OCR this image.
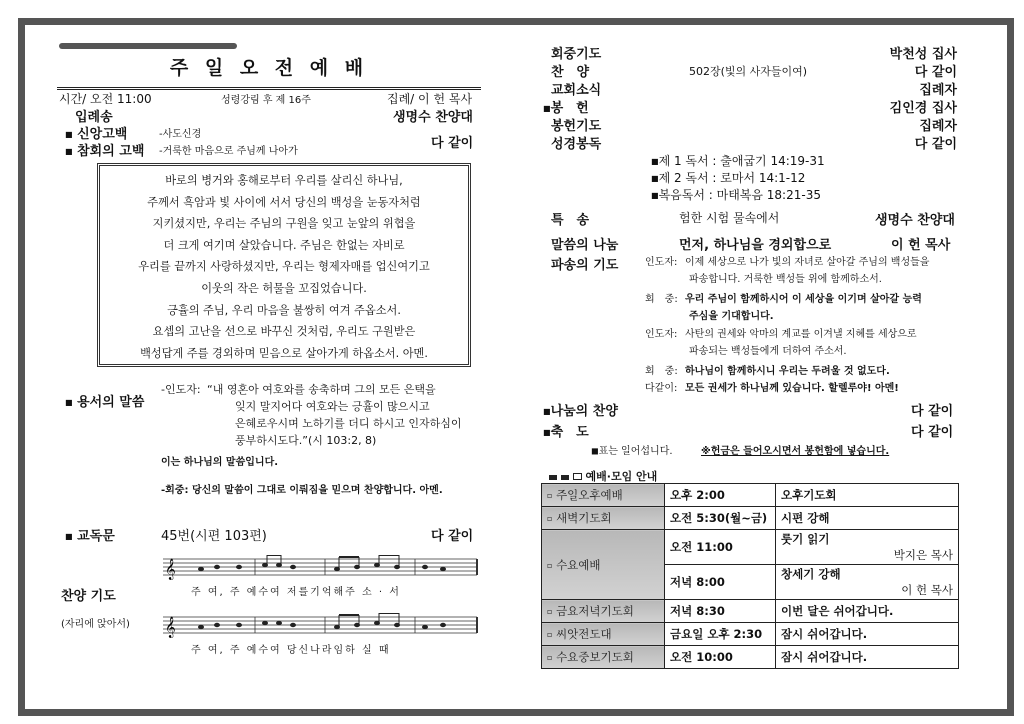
주 일 오 전 예 배
시간/ 오전 11:00	성령강림 후 제 16주	집례/ 이 헌 목사
입례송	생명수 찬양대
■ 신앙고백	-사도신경
■ 참회의 고백 -거룩한 마음으로 주님께 나아가
다 같이
바로의 병거와 홍해로부터 우리를 살리신 하나님,
주께서 흑암과 빛 사이에 서서 당신의 백성을 눈동자처럼
지키셨지만, 우리는 주님의 구원을 잊고 눈앞의 위협을
더 크게 여기며 살았습니다. 주님은 한없는 자비로
우리를 끝까지 사랑하셨지만, 우리는 형제자매를 업신여기고
이웃의 작은 허물을 꼬집었습니다.
긍휼의 주님, 우리 마음을 불쌍히 여겨 주옵소서.
요셉의 고난을 선으로 바꾸신 것처럼, 우리도 구원받은
백성답게 주를 경외하며 믿음으로 살아가게 하옵소서. 아멘.
■ 용서의 말씀
-인도자: “내 영혼아 여호와를 송축하며 그의 모든 은택을
잊지 말지어다 여호와는 긍휼이 많으시고
은혜로우시며 노하기를 더디 하시고 인자하심이
풍부하시도다.”(시 103:2, 8)
이는 하나님의 말씀입니다.
-회중: 당신의 말씀이 그대로 이뤄짐을 믿으며 찬양합니다. 아멘.
■ 교독문	45번(시편 103편)	다 같이
찬양 기도
(자리에 앉아서)
𝄞
주 여, 주 예수여 저를기억해주 소 · 서
𝄞
주 여, 주 예수여 당신나라임하 실 때
회중기도	박천성 집사
찬　양	502장(빛의 사자들이여)	다 같이
교회소식	집례자
■봉　헌	김인경 집사
봉헌기도	집례자
성경봉독	다 같이
■제 1 독서 : 출애굽기 14:19-31
■제 2 독서 : 로마서 14:1-12
■복음독서 : 마태복음 18:21-35
특　송	험한 시험 물속에서	생명수 찬양대
말씀의 나눔	먼저, 하나님을 경외합으로	이 헌 목사
파송의 기도	인도자: 이제 세상으로 나가 빛의 자녀로 살아갈 주님의 백성들을
파송합니다. 거룩한 백성들 위에 함께하소서.
회　중: 우리 주님이 함께하시어 이 세상을 이기며 살아갈 능력
주심을 기대합니다.
인도자: 사탄의 권세와 악마의 계교를 이겨낼 지혜를 세상으로
파송되는 백성들에게 더하여 주소서.
회　중: 하나님이 함께하시니 우리는 두려울 것 없도다.
다같이: 모든 권세가 하나님께 있습니다. 할렐루야! 아멘!
■나눔의 찬양	다 같이
■축　도	다 같이
■표는 일어섭니다.	※헌금은 들어오시면서 봉헌함에 넣습니다.
예배·모임 안내
▫ 주일오후예배	오후 2:00	오후기도회
▫ 새벽기도회	오전 5:30(월~금)	시편 강해
▫ 수요예배	오전 11:00	룻기 읽기
박지은 목사

	저녁 8:00	창세기 강해
이 헌 목사

▫ 금요저녁기도회	저녁 8:30	이번 달은 쉬어갑니다.
▫ 씨앗전도대	금요일 오후 2:30	잠시 쉬어갑니다.
▫ 수요중보기도회	오전 10:00	잠시 쉬어갑니다.
